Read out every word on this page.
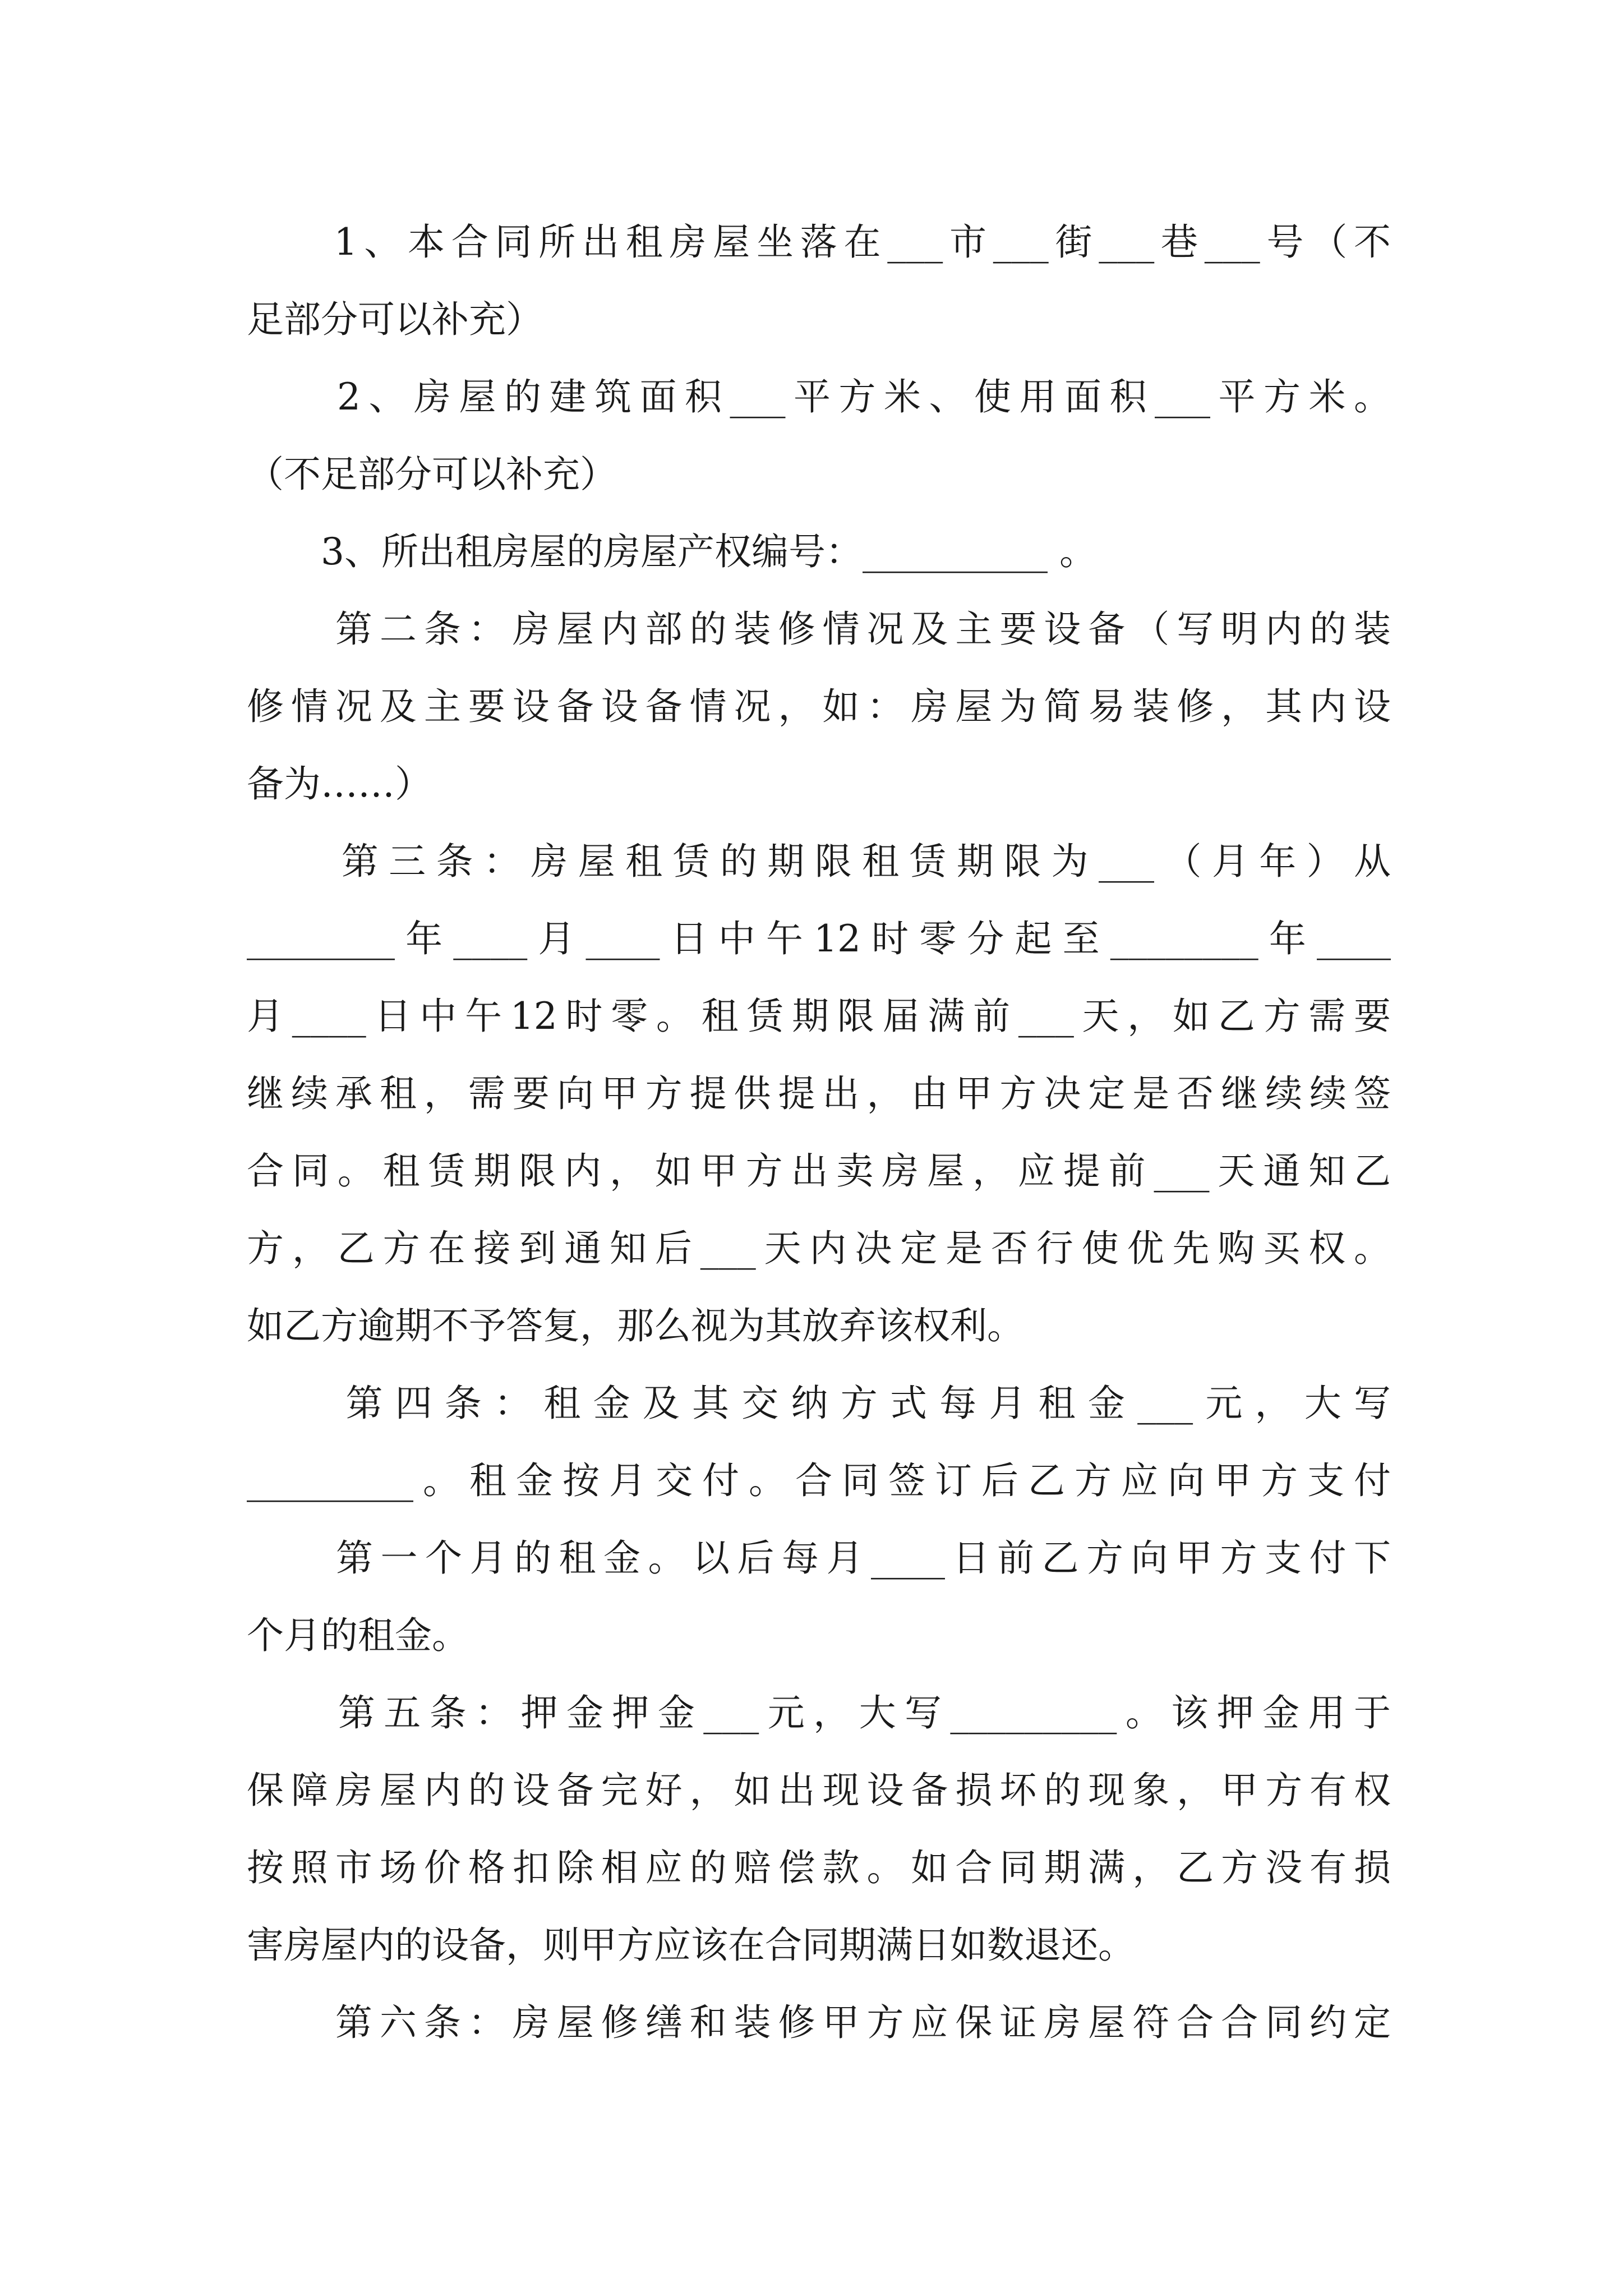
　　1、本合同所出租房屋坐落在___市___街___巷___号（不

足部分可以补充）

　　2、房屋的建筑面积___平方米、使用面积___平方米。

（不足部分可以补充）

　　3、所出租房屋的房屋产权编号：__________ 。

　　第二条：房屋内部的装修情况及主要设备（写明内的装

修情况及主要设备设备情况，如：房屋为简易装修，其内设

备为……）

　　第三条：房屋租赁的期限租赁期限为___（月年）从

________年____月____日中午12时零分起至________年____

月____日中午12时零。租赁期限届满前___天，如乙方需要

继续承租，需要向甲方提供提出，由甲方决定是否继续续签

合同。租赁期限内，如甲方出卖房屋，应提前___天通知乙

方，乙方在接到通知后___天内决定是否行使优先购买权。

如乙方逾期不予答复，那么视为其放弃该权利。

　　第四条：租金及其交纳方式每月租金___元，大写

_________。租金按月交付。合同签订后乙方应向甲方支付

　　第一个月的租金。以后每月____日前乙方向甲方支付下

个月的租金。

　　第五条：押金押金___元，大写_________。该押金用于

保障房屋内的设备完好，如出现设备损坏的现象，甲方有权

按照市场价格扣除相应的赔偿款。如合同期满，乙方没有损

害房屋内的设备，则甲方应该在合同期满日如数退还。

　　第六条：房屋修缮和装修甲方应保证房屋符合合同约定
